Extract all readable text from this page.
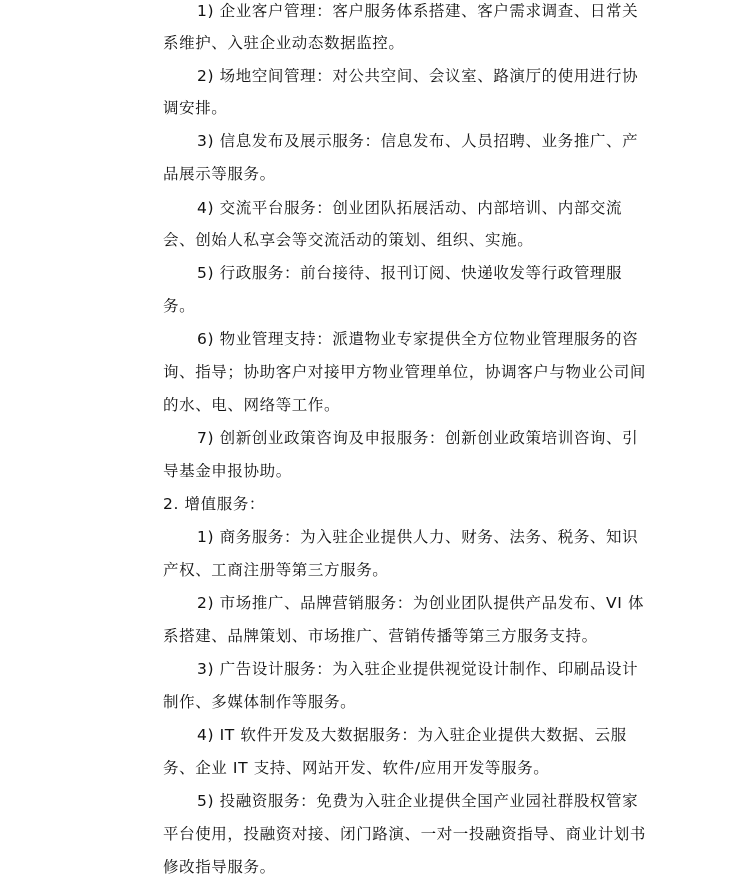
1) 企业客户管理：客户服务体系搭建、客户需求调查、日常关
系维护、入驻企业动态数据监控。
2) 场地空间管理：对公共空间、会议室、路演厅的使用进行协
调安排。
3) 信息发布及展示服务：信息发布、人员招聘、业务推广、产
品展示等服务。
4) 交流平台服务：创业团队拓展活动、内部培训、内部交流
会、创始人私享会等交流活动的策划、组织、实施。
5) 行政服务：前台接待、报刊订阅、快递收发等行政管理服
务。
6) 物业管理支持：派遣物业专家提供全方位物业管理服务的咨
询、指导；协助客户对接甲方物业管理单位，协调客户与物业公司间
的水、电、网络等工作。
7) 创新创业政策咨询及申报服务：创新创业政策培训咨询、引
导基金申报协助。
2. 增值服务：
1) 商务服务：为入驻企业提供人力、财务、法务、税务、知识
产权、工商注册等第三方服务。
2) 市场推广、品牌营销服务：为创业团队提供产品发布、VI 体
系搭建、品牌策划、市场推广、营销传播等第三方服务支持。
3) 广告设计服务：为入驻企业提供视觉设计制作、印刷品设计
制作、多媒体制作等服务。
4) IT 软件开发及大数据服务：为入驻企业提供大数据、云服
务、企业 IT 支持、网站开发、软件/应用开发等服务。
5) 投融资服务：免费为入驻企业提供全国产业园社群股权管家
平台使用，投融资对接、闭门路演、一对一投融资指导、商业计划书
修改指导服务。
